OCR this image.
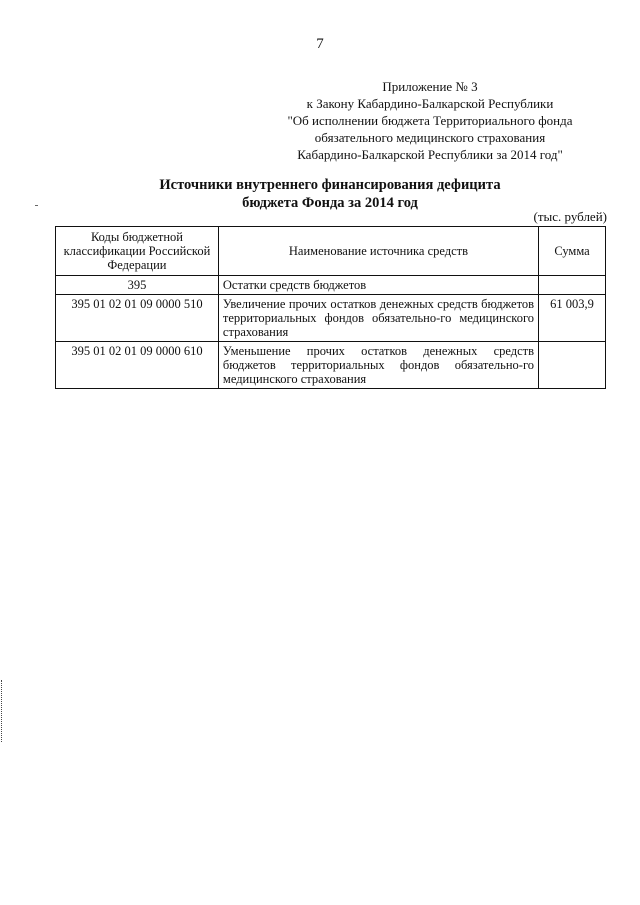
7
Приложение № 3
к Закону Кабардино-Балкарской Республики
"Об исполнении бюджета Территориального фонда
обязательного медицинского страхования
Кабардино-Балкарской Республики за 2014 год"
Источники внутреннего финансирования дефицита
бюджета Фонда за 2014 год
(тыс. рублей)
Коды бюджетной классификации Российской Федерации	Наименование источника средств	Сумма
395	Остатки средств бюджетов	
395 01 02 01 09 0000 510	Увеличение прочих остатков денежных средств бюджетов территориальных фондов обязательно-го медицинского страхования	61 003,9
395 01 02 01 09 0000 610	Уменьшение прочих остатков денежных средств бюджетов территориальных фондов обязательно-го медицинского страхования	
